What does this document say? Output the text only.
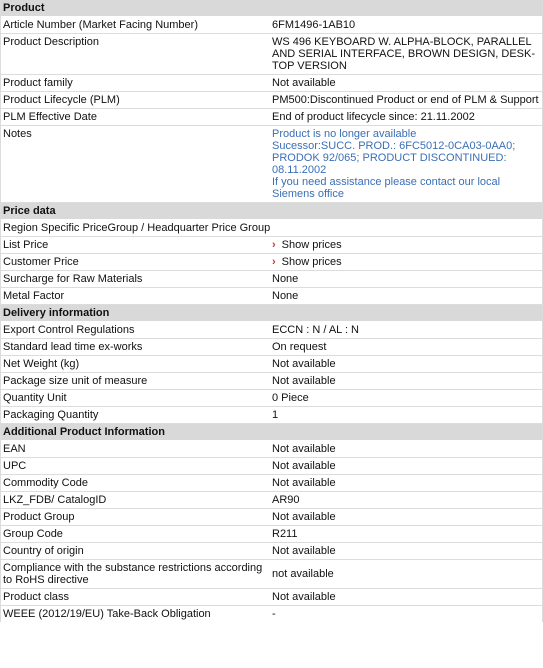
Product
Article Number (Market Facing Number)	6FM1496-1AB10
Product Description	WS 496 KEYBOARD W. ALPHA-BLOCK, PARALLEL
AND SERIAL INTERFACE, BROWN DESIGN, DESK-
TOP VERSION
Product family	Not available
Product Lifecycle (PLM)	PM500:Discontinued Product or end of PLM & Support
PLM Effective Date	End of product lifecycle since: 21.11.2002
Notes	Product is no longer available
Sucessor:SUCC. PROD.: 6FC5012-0CA03-0AA0;
PRODOK 92/065; PRODUCT DISCONTINUED:
08.11.2002
If you need assistance please contact our local
Siemens office
Price data
Region Specific PriceGroup / Headquarter Price Group
List Price	› Show prices
Customer Price	› Show prices
Surcharge for Raw Materials	None
Metal Factor	None
Delivery information
Export Control Regulations	ECCN : N / AL : N
Standard lead time ex-works	On request
Net Weight (kg)	Not available
Package size unit of measure	Not available
Quantity Unit	0 Piece
Packaging Quantity	1
Additional Product Information
EAN	Not available
UPC	Not available
Commodity Code	Not available
LKZ_FDB/ CatalogID	AR90
Product Group	Not available
Group Code	R211
Country of origin	Not available
Compliance with the substance restrictions according
to RoHS directive	not available
Product class	Not available
WEEE (2012/19/EU) Take-Back Obligation	-
